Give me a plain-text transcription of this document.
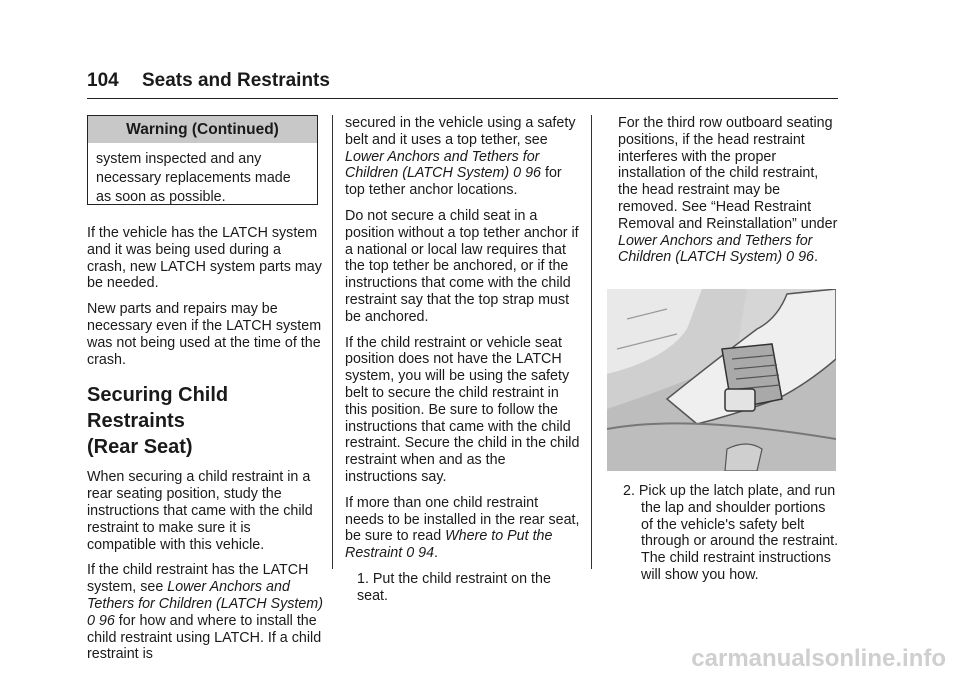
104 Seats and Restraints
Warning (Continued)
system inspected and any necessary replacements made as soon as possible.

If the vehicle has the LATCH system and it was being used during a crash, new LATCH system parts may be needed.

New parts and repairs may be necessary even if the LATCH system was not being used at the time of the crash.

Securing Child Restraints
(Rear Seat)

When securing a child restraint in a rear seating position, study the instructions that came with the child restraint to make sure it is compatible with this vehicle.

If the child restraint has the LATCH system, see Lower Anchors and Tethers for Children (LATCH System) 0 96 for how and where to install the child restraint using LATCH. If a child restraint is

secured in the vehicle using a safety belt and it uses a top tether, see Lower Anchors and Tethers for Children (LATCH System) 0 96 for top tether anchor locations.

Do not secure a child seat in a position without a top tether anchor if a national or local law requires that the top tether be anchored, or if the instructions that come with the child restraint say that the top strap must be anchored.

If the child restraint or vehicle seat position does not have the LATCH system, you will be using the safety belt to secure the child restraint in this position. Be sure to follow the instructions that came with the child restraint. Secure the child in the child restraint when and as the instructions say.

If more than one child restraint needs to be installed in the rear seat, be sure to read Where to Put the Restraint 0 94.

1. Put the child restraint on the seat.

For the third row outboard seating positions, if the head restraint interferes with the proper installation of the child restraint, the head restraint may be removed. See “Head Restraint Removal and Reinstallation” under Lower Anchors and Tethers for Children (LATCH System) 0 96.

2. Pick up the latch plate, and run the lap and shoulder portions of the vehicle's safety belt through or around the restraint. The child restraint instructions will show you how.

carmanualsonline.info
